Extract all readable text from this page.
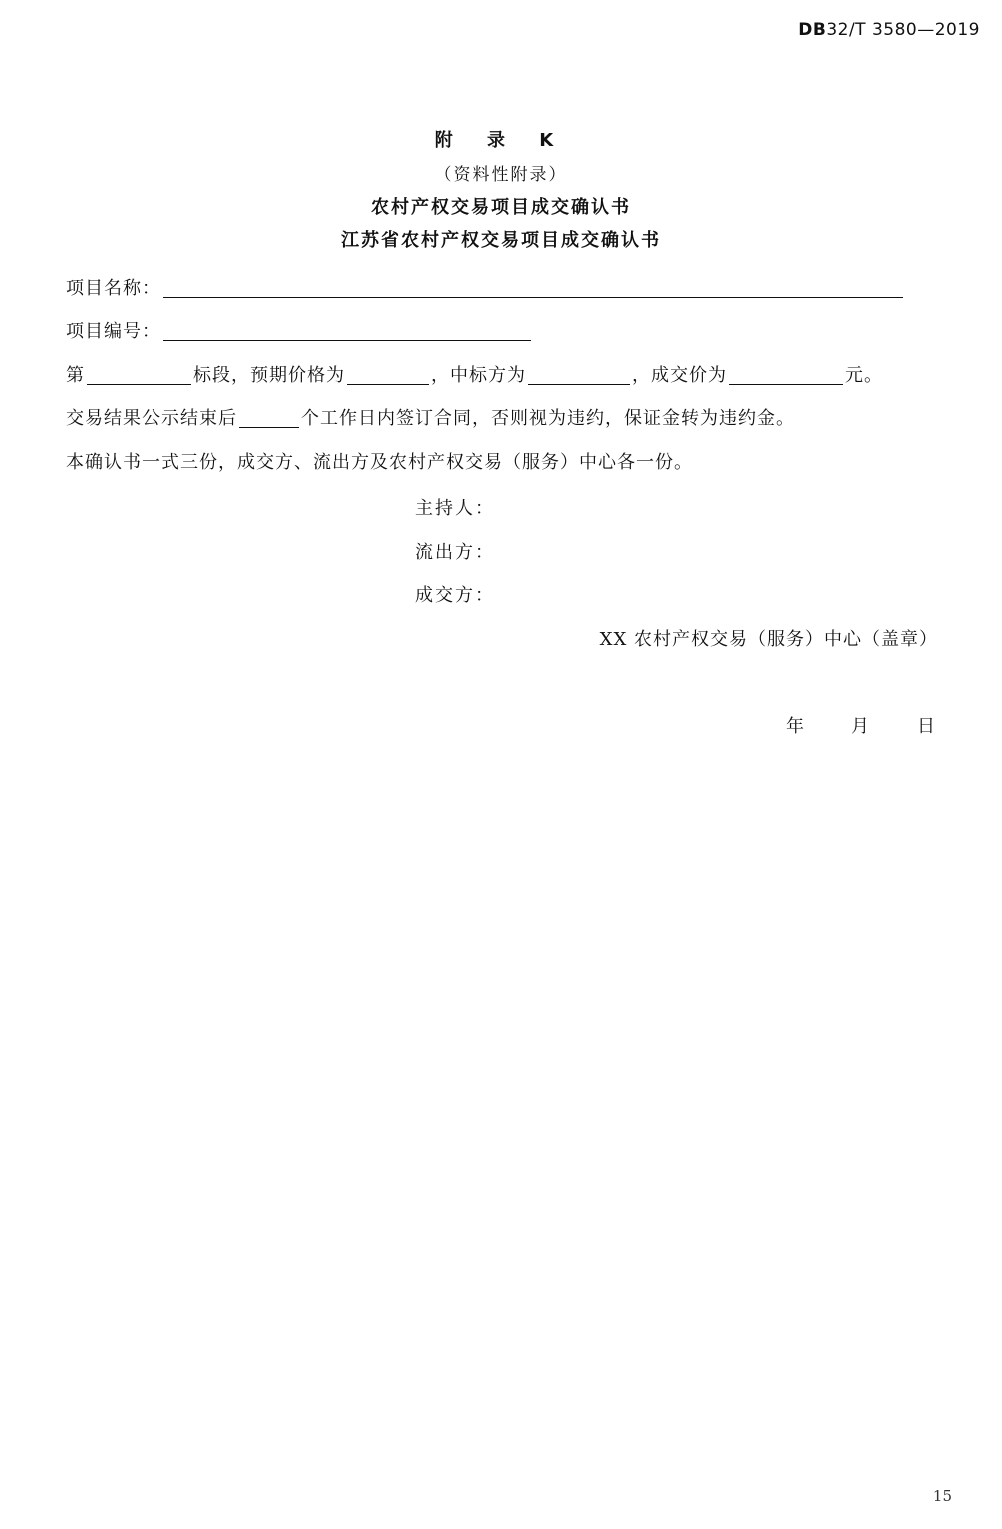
DB32/T 3580—2019
附 录 K
（资料性附录）
农村产权交易项目成交确认书
江苏省农村产权交易项目成交确认书
项目名称：
项目编号：
第	标段，预期价格为	，中标方为	，成交价为	元。
交易结果公示结束后	个工作日内签订合同，否则视为违约，保证金转为违约金。
本确认书一式三份，成交方、流出方及农村产权交易（服务）中心各一份。
主持人：
流出方：
成交方：
XX 农村产权交易（服务）中心（盖章）
年	月	日
15
